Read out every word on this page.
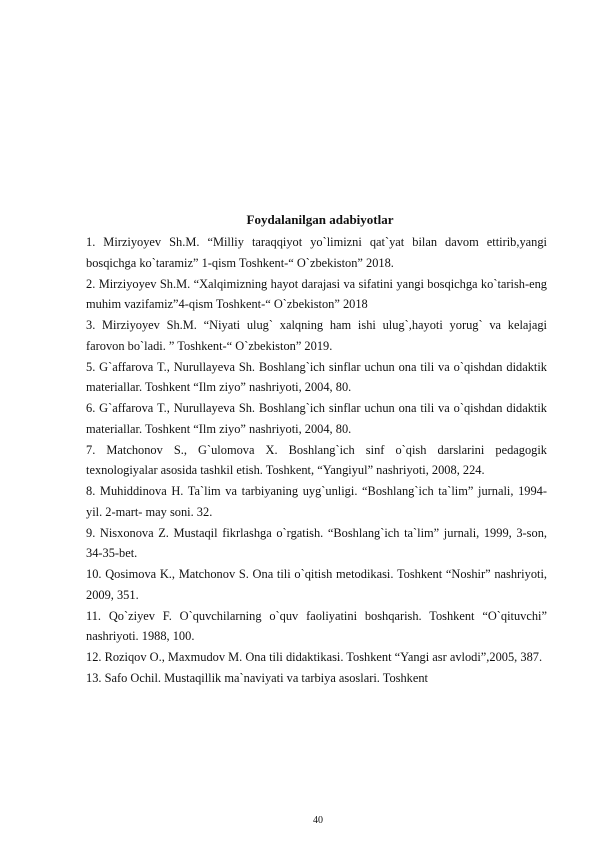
Foydalanilgan adabiyotlar
1. Mirziyoyev Sh.M. “Milliy taraqqiyot yo`limizni qat`yat bilan davom ettirib,yangi bosqichga ko`taramiz” 1-qism Toshkent-“ O`zbekiston” 2018.
2. Mirziyoyev Sh.M. “Xalqimizning hayot darajasi va sifatini yangi bosqichga ko`tarish-eng muhim vazifamiz”4-qism Toshkent-“ O`zbekiston” 2018
3. Mirziyoyev Sh.M. “Niyati ulug` xalqning ham ishi ulug`,hayoti yorug` va kelajagi farovon bo`ladi. ” Toshkent-“ O`zbekiston” 2019.
5. G`affarova T., Nurullayeva Sh. Boshlang`ich sinflar uchun ona tili va o`qishdan didaktik materiallar. Toshkent “Ilm ziyo” nashriyoti, 2004, 80.
6. G`affarova T., Nurullayeva Sh. Boshlang`ich sinflar uchun ona tili va o`qishdan didaktik materiallar. Toshkent “Ilm ziyo” nashriyoti, 2004, 80.
7. Matchonov S., G`ulomova X. Boshlang`ich sinf o`qish darslarini pedagogik texnologiyalar asosida tashkil etish. Toshkent, “Yangiyul” nashriyoti, 2008, 224.
8. Muhiddinova H. Ta`lim va tarbiyaning uyg`unligi. “Boshlang`ich ta`lim” jurnali, 1994-yil. 2-mart- may soni. 32.
9. Nisxonova Z. Mustaqil fikrlashga o`rgatish. “Boshlang`ich ta`lim” jurnali, 1999, 3-son, 34-35-bet.
10. Qosimova K., Matchonov S. Ona tili o`qitish metodikasi. Toshkent “Noshir” nashriyoti, 2009, 351.
11. Qo`ziyev F. O`quvchilarning o`quv faoliyatini boshqarish. Toshkent “O`qituvchi” nashriyoti. 1988, 100.
12. Roziqov O., Maxmudov M. Ona tili didaktikasi. Toshkent “Yangi asr avlodi”,2005, 387.
13. Safo Ochil. Mustaqillik ma`naviyati va tarbiya asoslari. Toshkent
40
